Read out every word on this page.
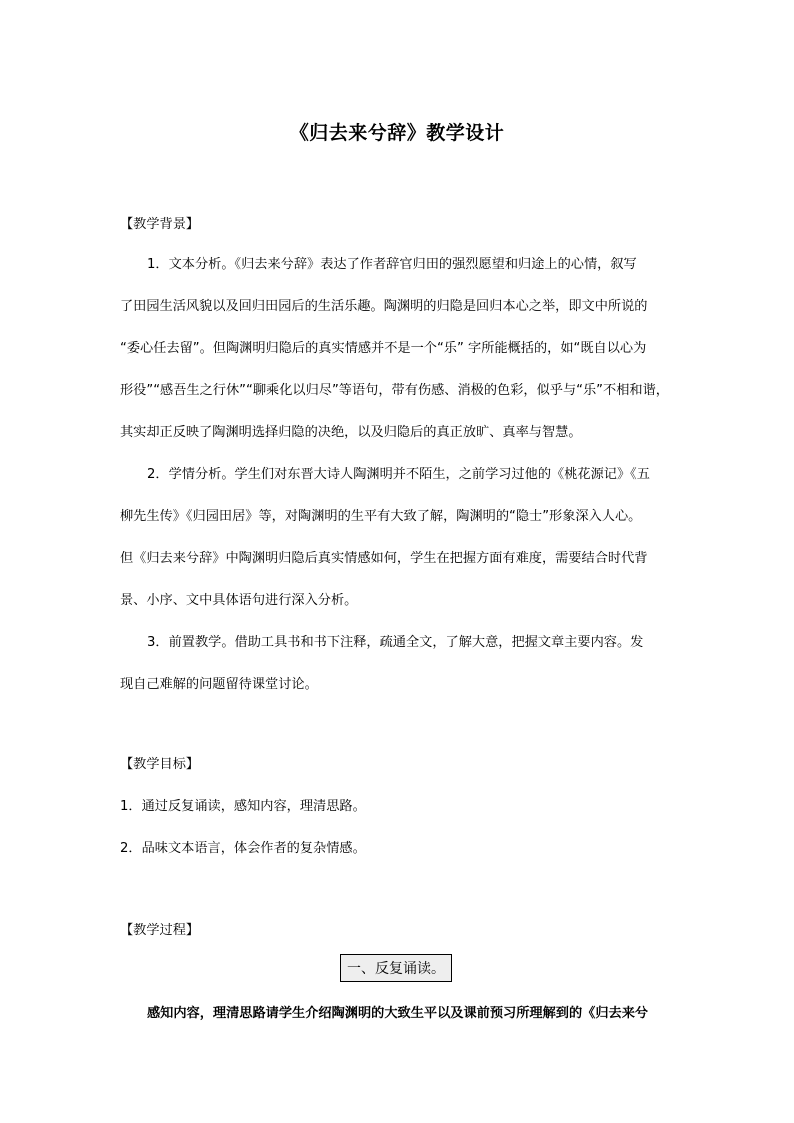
《归去来兮辞》教学设计
【教学背景】
1．文本分析。《归去来兮辞》表达了作者辞官归田的强烈愿望和归途上的心情，叙写
了田园生活风貌以及回归田园后的生活乐趣。陶渊明的归隐是回归本心之举，即文中所说的
“委心任去留”。但陶渊明归隐后的真实情感并不是一个“乐” 字所能概括的，如“既自以心为
形役”“感吾生之行休”“聊乘化以归尽”等语句，带有伤感、消极的色彩，似乎与“乐”不相和谐，
其实却正反映了陶渊明选择归隐的决绝，以及归隐后的真正放旷、真率与智慧。
2．学情分析。学生们对东晋大诗人陶渊明并不陌生，之前学习过他的《桃花源记》《五
柳先生传》《归园田居》等，对陶渊明的生平有大致了解，陶渊明的“隐士”形象深入人心。
但《归去来兮辞》中陶渊明归隐后真实情感如何，学生在把握方面有难度，需要结合时代背
景、小序、文中具体语句进行深入分析。
3．前置教学。借助工具书和书下注释，疏通全文，了解大意，把握文章主要内容。发
现自己难解的问题留待课堂讨论。
【教学目标】
1．通过反复诵读，感知内容，理清思路。
2．品味文本语言，体会作者的复杂情感。
【教学过程】
一、反复诵读。
感知内容，理清思路请学生介绍陶渊明的大致生平以及课前预习所理解到的《归去来兮
